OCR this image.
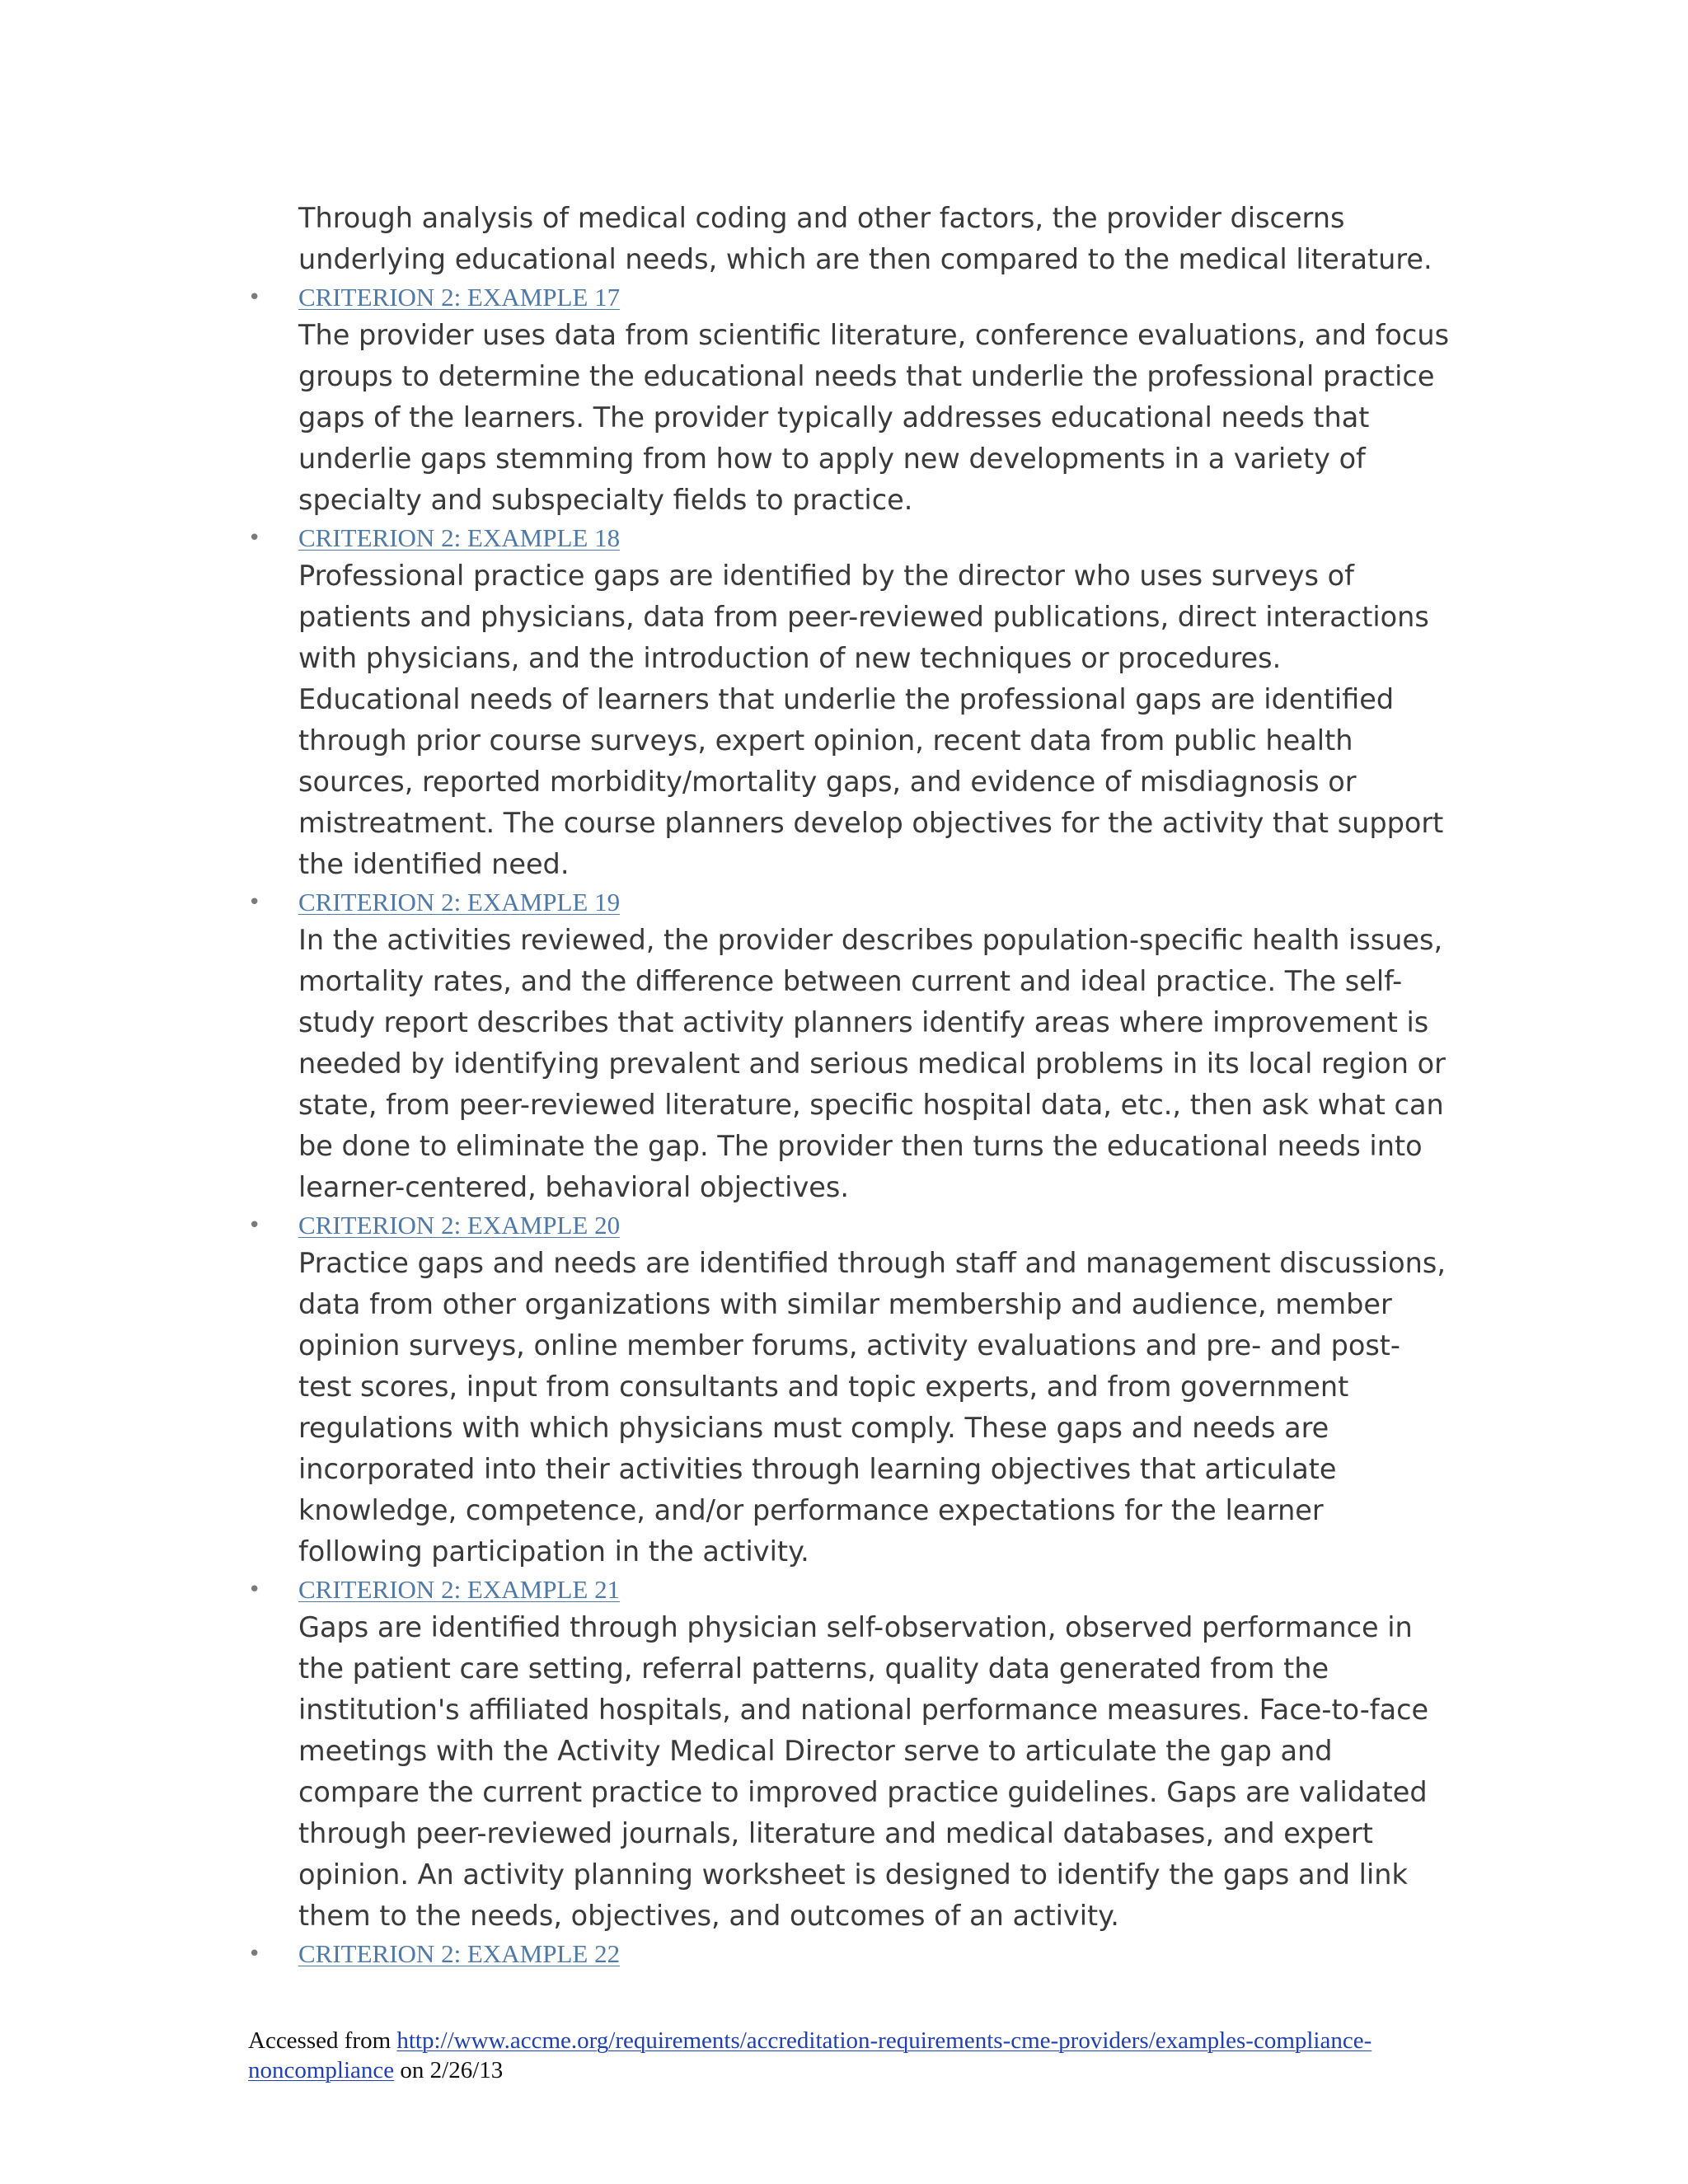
Through analysis of medical coding and other factors, the provider discerns underlying educational needs, which are then compared to the medical literature.

• CRITERION 2: EXAMPLE 17

The provider uses data from scientific literature, conference evaluations, and focus groups to determine the educational needs that underlie the professional practice gaps of the learners. The provider typically addresses educational needs that underlie gaps stemming from how to apply new developments in a variety of specialty and subspecialty fields to practice.

• CRITERION 2: EXAMPLE 18

Professional practice gaps are identified by the director who uses surveys of patients and physicians, data from peer-reviewed publications, direct interactions with physicians, and the introduction of new techniques or procedures. Educational needs of learners that underlie the professional gaps are identified through prior course surveys, expert opinion, recent data from public health sources, reported morbidity/mortality gaps, and evidence of misdiagnosis or mistreatment. The course planners develop objectives for the activity that support the identified need.

• CRITERION 2: EXAMPLE 19

In the activities reviewed, the provider describes population-specific health issues, mortality rates, and the difference between current and ideal practice. The self-study report describes that activity planners identify areas where improvement is needed by identifying prevalent and serious medical problems in its local region or state, from peer-reviewed literature, specific hospital data, etc., then ask what can be done to eliminate the gap. The provider then turns the educational needs into learner-centered, behavioral objectives.

• CRITERION 2: EXAMPLE 20

Practice gaps and needs are identified through staff and management discussions, data from other organizations with similar membership and audience, member opinion surveys, online member forums, activity evaluations and pre- and post-test scores, input from consultants and topic experts, and from government regulations with which physicians must comply. These gaps and needs are incorporated into their activities through learning objectives that articulate knowledge, competence, and/or performance expectations for the learner following participation in the activity.

• CRITERION 2: EXAMPLE 21

Gaps are identified through physician self-observation, observed performance in the patient care setting, referral patterns, quality data generated from the institution's affiliated hospitals, and national performance measures. Face-to-face meetings with the Activity Medical Director serve to articulate the gap and compare the current practice to improved practice guidelines. Gaps are validated through peer-reviewed journals, literature and medical databases, and expert opinion. An activity planning worksheet is designed to identify the gaps and link them to the needs, objectives, and outcomes of an activity.

• CRITERION 2: EXAMPLE 22
Accessed from http://www.accme.org/requirements/accreditation-requirements-cme-providers/examples-compliance-noncompliance on 2/26/13
